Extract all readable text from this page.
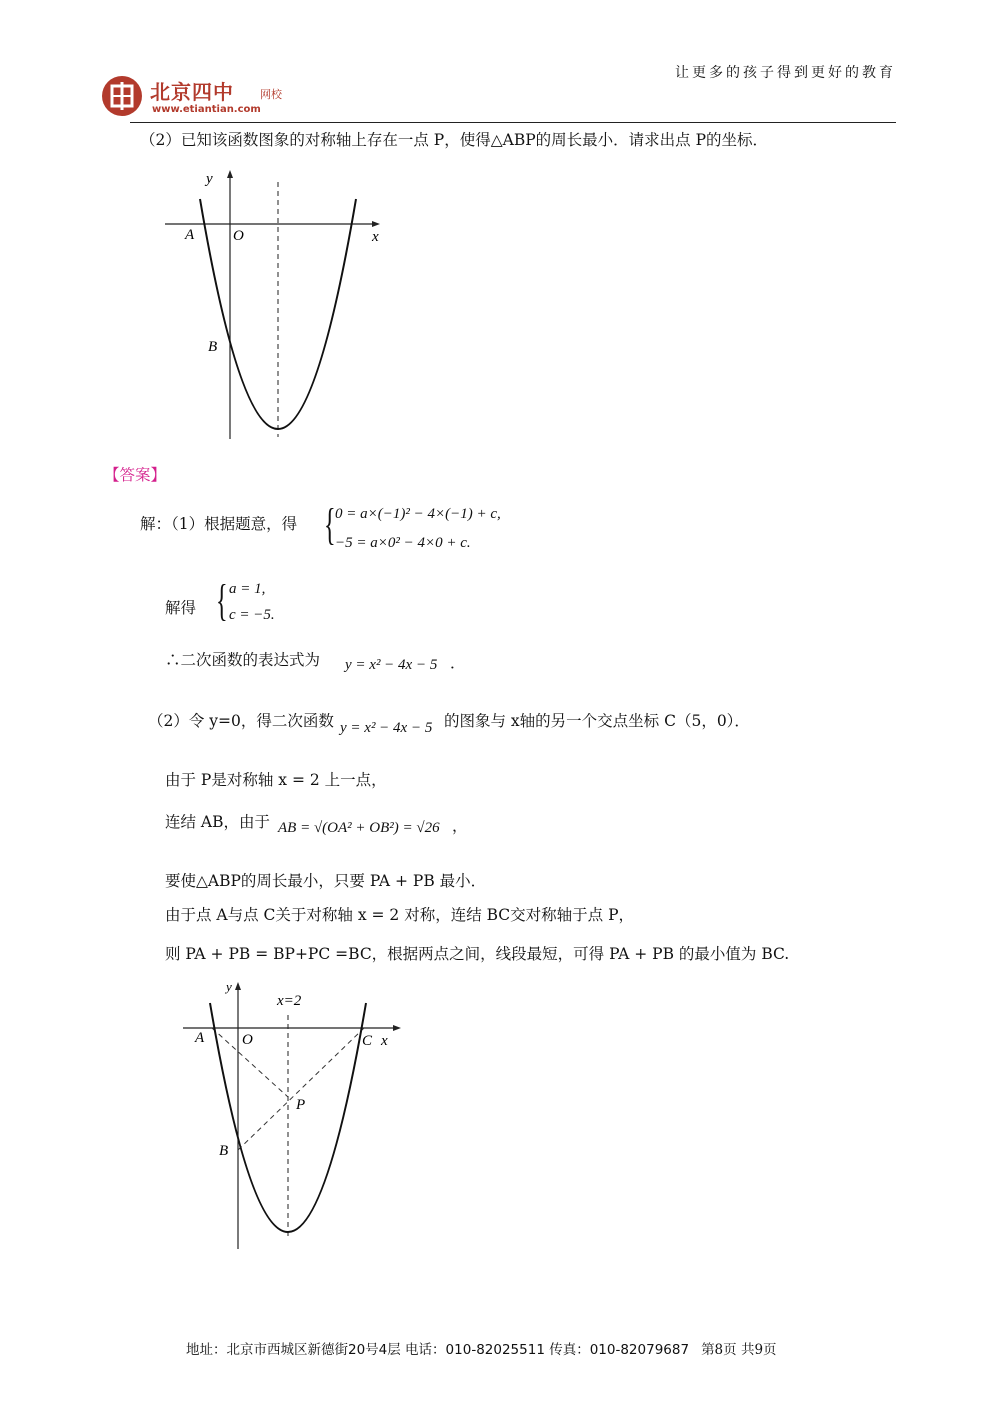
让更多的孩子得到更好的教育
北京四中 网校
www.etiantian.com
（2）已知该函数图象的对称轴上存在一点 P，使得△ABP的周长最小．请求出点 P的坐标．
y
x
A	O
B
【答案】
解：（1）根据题意，得 { 0 = a×(−1)² − 4×(−1) + c,
−5 = a×0² − 4×0 + c.
解得 { a = 1,
c = −5.
∴二次函数的表达式为 y = x² − 4x − 5 ．
（2）令 y=0，得二次函数 y = x² − 4x − 5 的图象与 x轴的另一个交点坐标 C（5，0）．
由于 P是对称轴 x = 2 上一点，
连结 AB，由于 AB = √(OA² + OB²) = √26 ，
要使△ABP的周长最小，只要 PA + PB 最小．
由于点 A与点 C关于对称轴 x = 2 对称，连结 BC交对称轴于点 P，
则 PA + PB = BP+PC =BC，根据两点之间，线段最短，可得 PA + PB 的最小值为 BC.
y
x
x=2
A	O	C
P
B
地址：北京市西城区新德街20号4层 电话：010-82025511 传真：010-82079687 第8页 共9页
